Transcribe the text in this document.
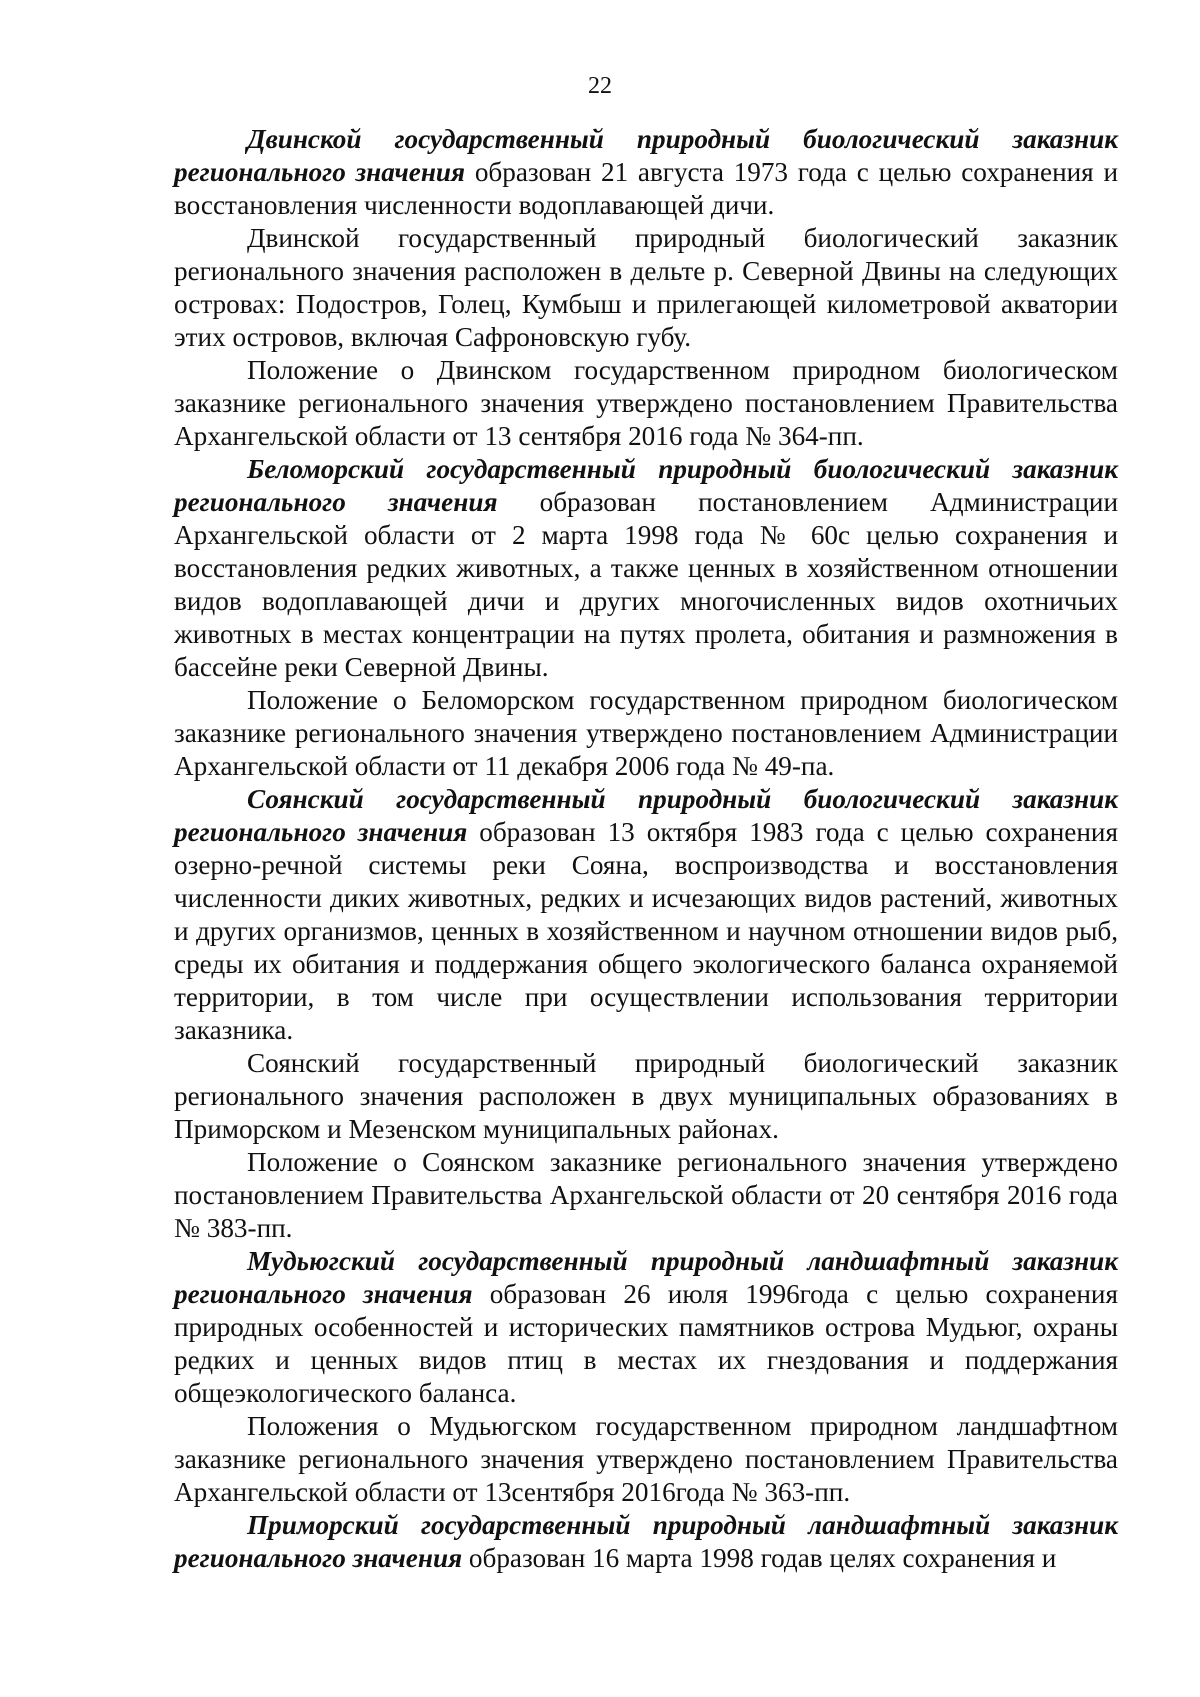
22

Двинской государственный природный биологический заказник регионального значения образован 21 августа 1973 года с целью сохранения и восстановления численности водоплавающей дичи.

Двинской государственный природный биологический заказник регионального значения расположен в дельте р. Северной Двины на следующих островах: Подостров, Голец, Кумбыш и прилегающей километровой акватории этих островов, включая Сафроновскую губу.

Положение о Двинском государственном природном биологическом заказнике регионального значения утверждено постановлением Правительства Архангельской области от 13 сентября 2016 года № 364-пп.

Беломорский государственный природный биологический заказник регионального значения образован постановлением Администрации Архангельской области от 2 марта 1998 года № 60с целью сохранения и восстановления редких животных, а также ценных в хозяйственном отношении видов водоплавающей дичи и других многочисленных видов охотничьих животных в местах концентрации на путях пролета, обитания и размножения в бассейне реки Северной Двины.

Положение о Беломорском государственном природном биологическом заказнике регионального значения утверждено постановлением Администрации Архангельской области от 11 декабря 2006 года № 49-па.

Соянский государственный природный биологический заказник регионального значения образован 13 октября 1983 года с целью сохранения озерно-речной системы реки Сояна, воспроизводства и восстановления численности диких животных, редких и исчезающих видов растений, животных и других организмов, ценных в хозяйственном и научном отношении видов рыб, среды их обитания и поддержания общего экологического баланса охраняемой территории, в том числе при осуществлении использования территории заказника.

Соянский государственный природный биологический заказник регионального значения расположен в двух муниципальных образованиях в Приморском и Мезенском муниципальных районах.

Положение о Соянском заказнике регионального значения утверждено постановлением Правительства Архангельской области от 20 сентября 2016 года № 383-пп.

Мудьюгский государственный природный ландшафтный заказник регионального значения образован 26 июля 1996года с целью сохранения природных особенностей и исторических памятников острова Мудьюг, охраны редких и ценных видов птиц в местах их гнездования и поддержания общеэкологического баланса.

Положения о Мудьюгском государственном природном ландшафтном заказнике регионального значения утверждено постановлением Правительства Архангельской области от 13сентября 2016года № 363-пп.

Приморский государственный природный ландшафтный заказник регионального значения образован 16 марта 1998 годав целях сохранения и
